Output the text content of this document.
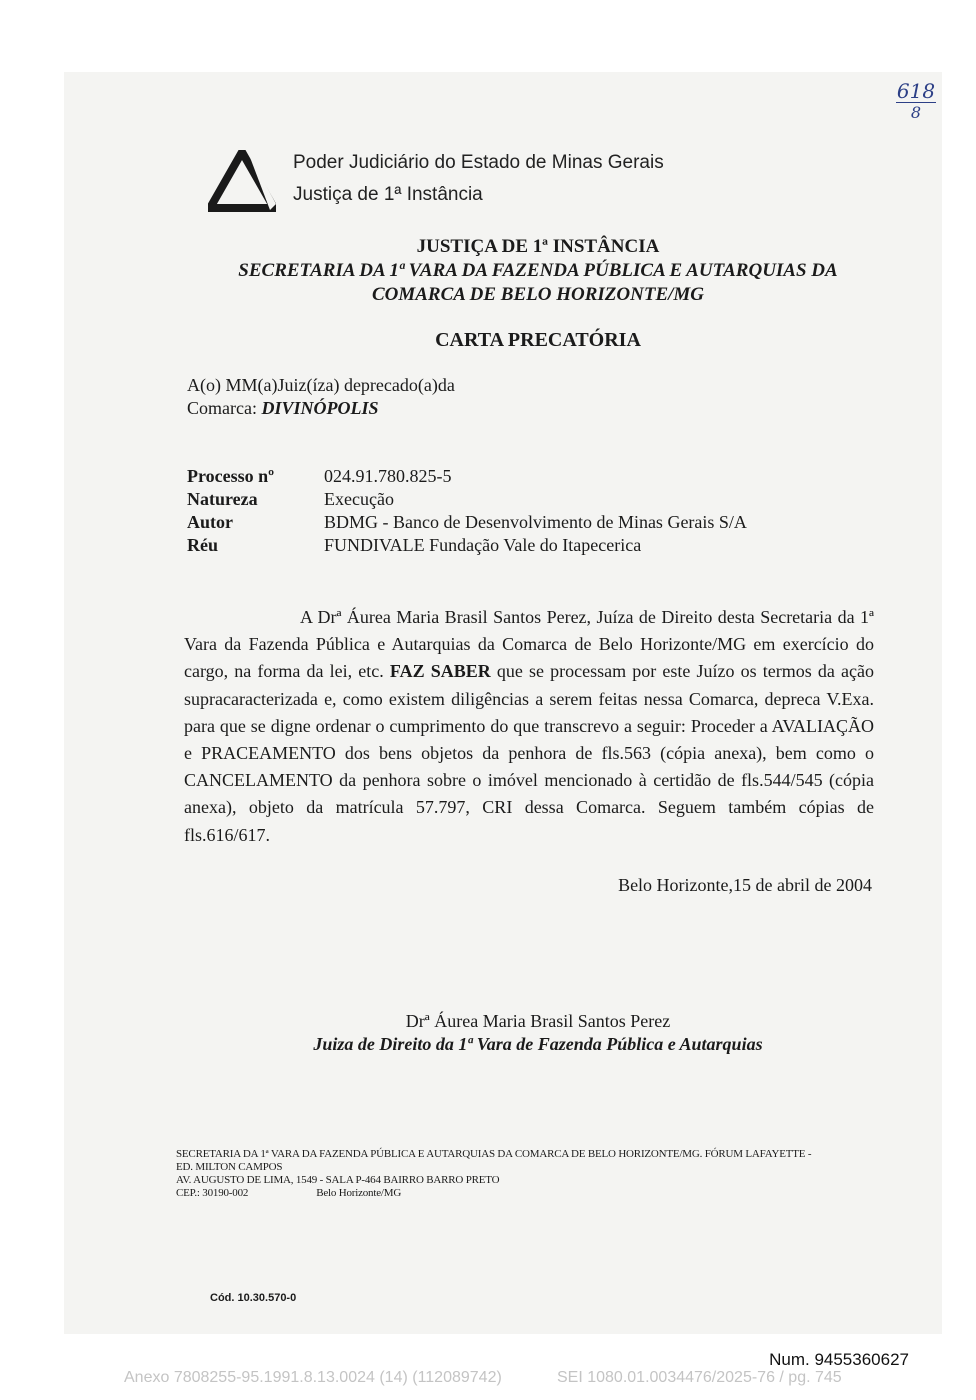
618
8
Poder Judiciário do Estado de Minas Gerais
Justiça de 1ª Instância
JUSTIÇA DE 1ª INSTÂNCIA
SECRETARIA DA 1ª VARA DA FAZENDA PÚBLICA E AUTARQUIAS DA
COMARCA DE BELO HORIZONTE/MG
CARTA PRECATÓRIA
A(o) MM(a)Juiz(íza) deprecado(a)da
Comarca: DIVINÓPOLIS
Processo nº	024.91.780.825-5
Natureza	Execução
Autor	BDMG - Banco de Desenvolvimento de Minas Gerais S/A
Réu	FUNDIVALE Fundação Vale do Itapecerica
A Drª Áurea Maria Brasil Santos Perez, Juíza de Direito desta Secretaria da 1ª Vara da Fazenda Pública e Autarquias da Comarca de Belo Horizonte/MG em exercício do cargo, na forma da lei, etc. FAZ SABER que se processam por este Juízo os termos da ação supracaracterizada e, como existem diligências a serem feitas nessa Comarca, depreca V.Exa. para que se digne ordenar o cumprimento do que transcrevo a seguir: Proceder a AVALIAÇÃO e PRACEAMENTO dos bens objetos da penhora de fls.563 (cópia anexa), bem como o CANCELAMENTO da penhora sobre o imóvel mencionado à certidão de fls.544/545 (cópia anexa), objeto da matrícula 57.797, CRI dessa Comarca. Seguem também cópias de fls.616/617.
Belo Horizonte,15 de abril de 2004
Drª Áurea Maria Brasil Santos Perez
Juiza de Direito da 1ª Vara de Fazenda Pública e Autarquias
SECRETARIA DA 1ª VARA DA FAZENDA PÚBLICA E AUTARQUIAS DA COMARCA DE BELO HORIZONTE/MG. FÓRUM LAFAYETTE -
ED. MILTON CAMPOS
AV. AUGUSTO DE LIMA, 1549 - SALA P-464 BAIRRO BARRO PRETO
CEP.: 30190-002	Belo Horizonte/MG
Cód. 10.30.570-0
Num. 9455360627
Anexo 7808255-95.1991.8.13.0024 (14) (112089742)	SEI 1080.01.0034476/2025-76 / pg. 745
